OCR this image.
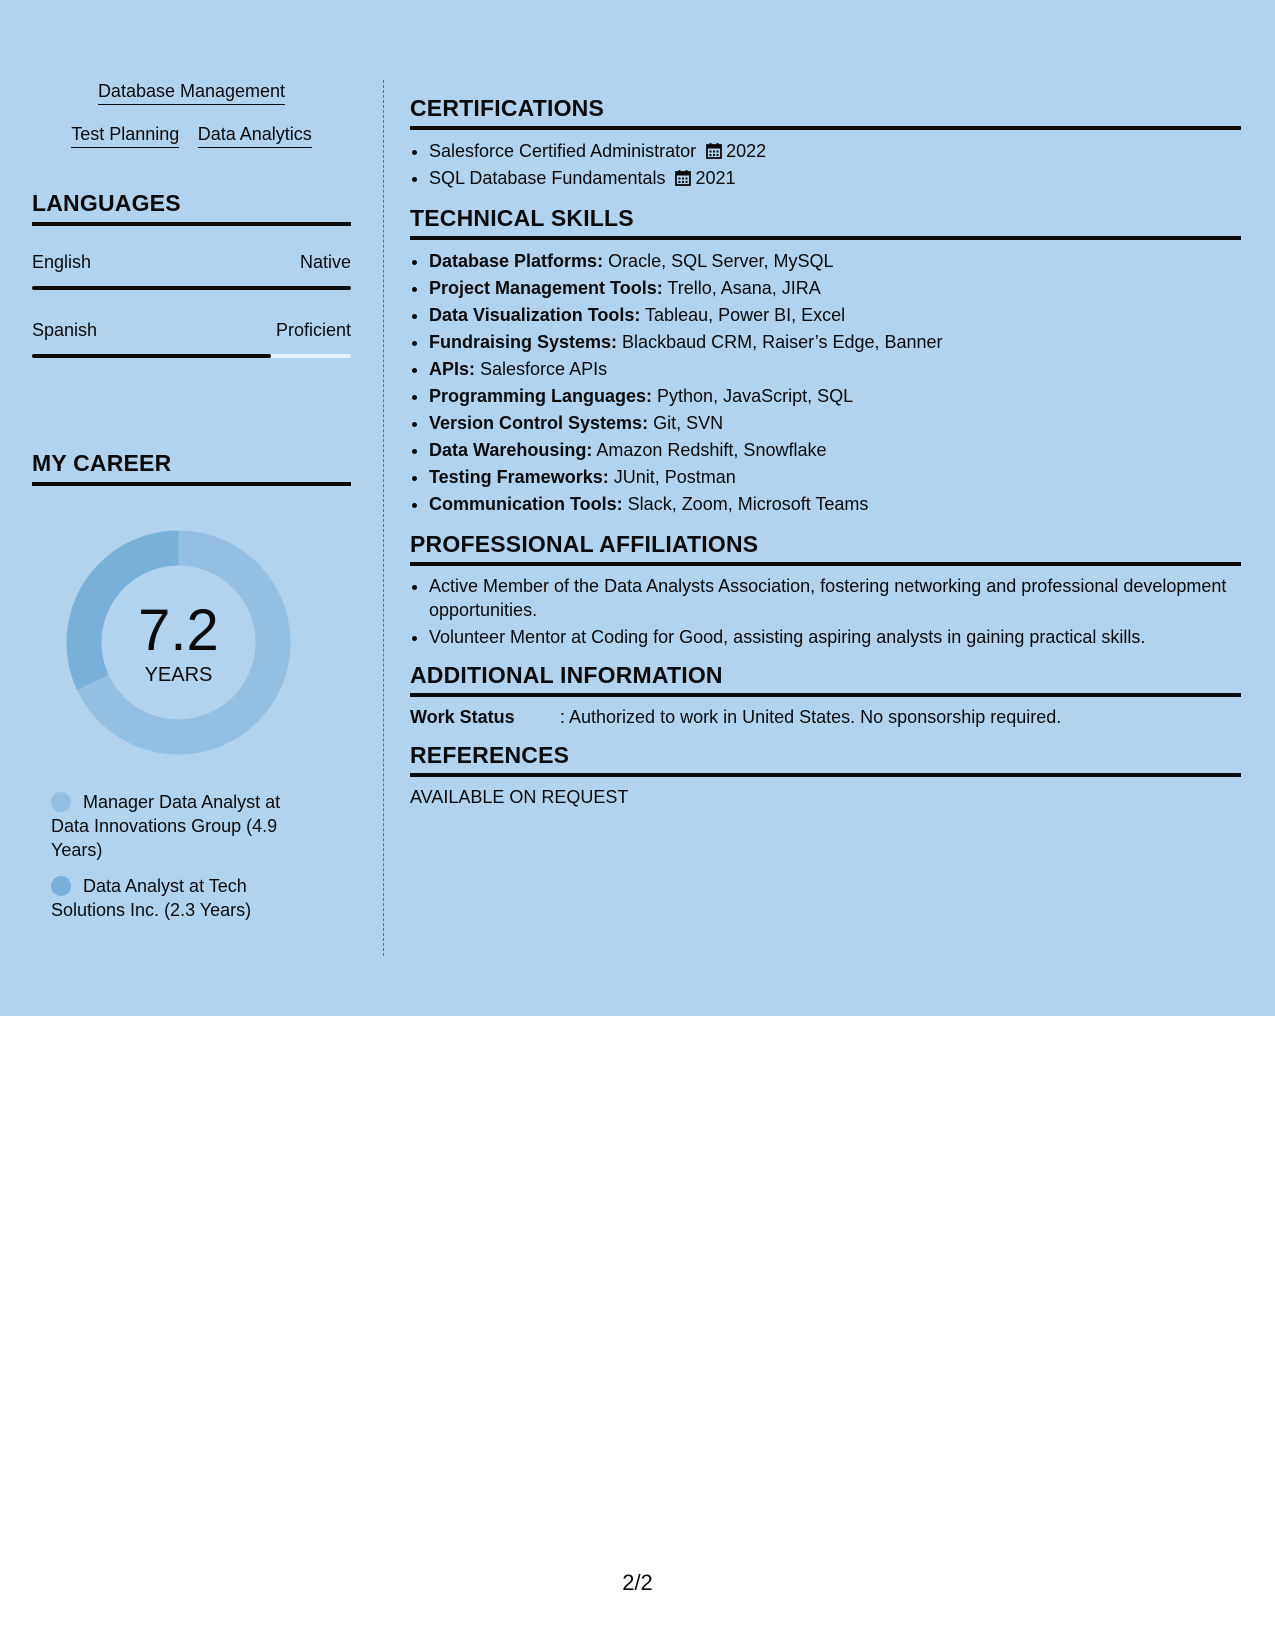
Database Management
Test Planning Data Analytics
LANGUAGES
English	Native
Spanish	Proficient
MY CAREER
7.2
YEARS
Manager Data Analyst at Data Innovations Group (4.9 Years)
Data Analyst at Tech Solutions Inc. (2.3 Years)
CERTIFICATIONS
• Salesforce Certified Administrator 2022
• SQL Database Fundamentals 2021
TECHNICAL SKILLS
• Database Platforms: Oracle, SQL Server, MySQL
• Project Management Tools: Trello, Asana, JIRA
• Data Visualization Tools: Tableau, Power BI, Excel
• Fundraising Systems: Blackbaud CRM, Raiser’s Edge, Banner
• APIs: Salesforce APIs
• Programming Languages: Python, JavaScript, SQL
• Version Control Systems: Git, SVN
• Data Warehousing: Amazon Redshift, Snowflake
• Testing Frameworks: JUnit, Postman
• Communication Tools: Slack, Zoom, Microsoft Teams
PROFESSIONAL AFFILIATIONS
• Active Member of the Data Analysts Association, fostering networking and professional development opportunities.
• Volunteer Mentor at Coding for Good, assisting aspiring analysts in gaining practical skills.
ADDITIONAL INFORMATION
Work Status	: Authorized to work in United States. No sponsorship required.
REFERENCES
AVAILABLE ON REQUEST
2/2
